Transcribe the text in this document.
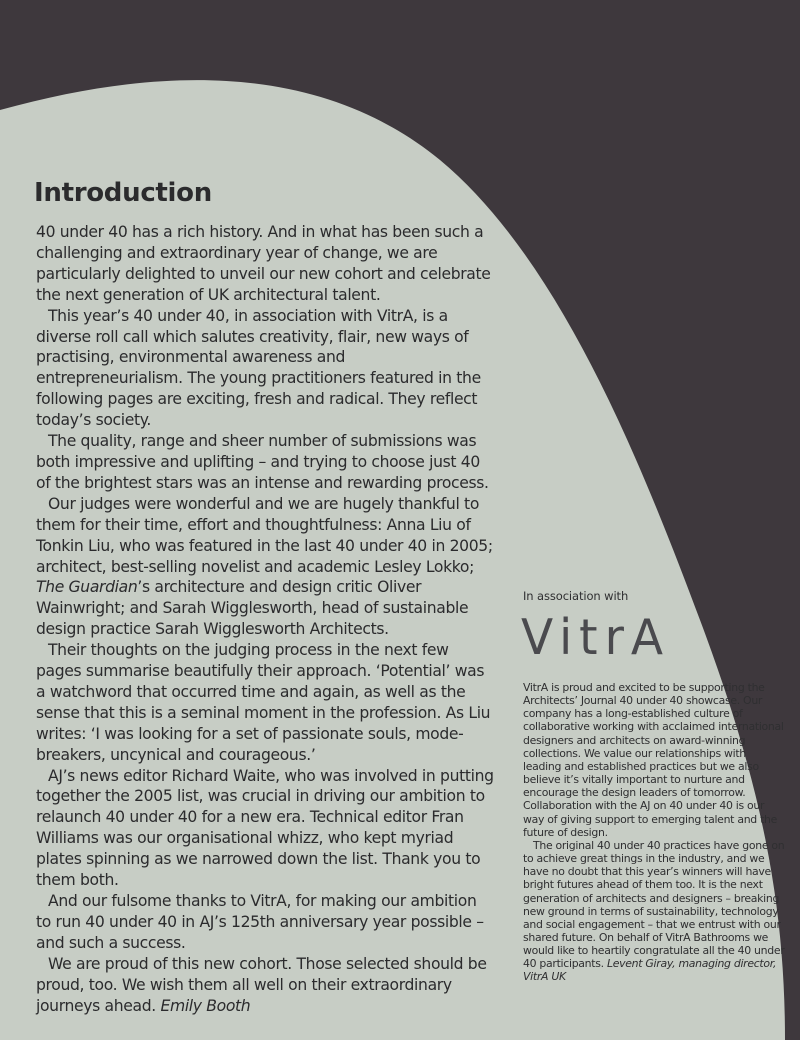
Introduction

40 under 40 has a rich history. And in what has been such a challenging and extraordinary year of change, we are particularly delighted to unveil our new cohort and celebrate the next generation of UK architectural talent.

This year’s 40 under 40, in association with VitrA, is a diverse roll call which salutes creativity, flair, new ways of practising, environmental awareness and entrepreneurialism. The young practitioners featured in the following pages are exciting, fresh and radical. They reflect today’s society.

The quality, range and sheer number of submissions was both impressive and uplifting – and trying to choose just 40 of the brightest stars was an intense and rewarding process.

Our judges were wonderful and we are hugely thankful to them for their time, effort and thoughtfulness: Anna Liu of Tonkin Liu, who was featured in the last 40 under 40 in 2005; architect, best-selling novelist and academic Lesley Lokko; The Guardian’s architecture and design critic Oliver Wainwright; and Sarah Wigglesworth, head of sustainable design practice Sarah Wigglesworth Architects.

Their thoughts on the judging process in the next few pages summarise beautifully their approach. ‘Potential’ was a watchword that occurred time and again, as well as the sense that this is a seminal moment in the profession. As Liu writes: ‘I was looking for a set of passionate souls, mode-breakers, uncynical and courageous.’

AJ’s news editor Richard Waite, who was involved in putting together the 2005 list, was crucial in driving our ambition to relaunch 40 under 40 for a new era. Technical editor Fran Williams was our organisational whizz, who kept myriad plates spinning as we narrowed down the list. Thank you to them both.

And our fulsome thanks to VitrA, for making our ambition to run 40 under 40 in AJ’s 125th anniversary year possible – and such a success.

We are proud of this new cohort. Those selected should be proud, too. We wish them all well on their extraordinary journeys ahead. Emily Booth

In association with
VitrA

VitrA is proud and excited to be supporting the Architects’ Journal 40 under 40 showcase. Our company has a long-established culture of collaborative working with acclaimed international designers and architects on award-winning collections. We value our relationships with leading and established practices but we also believe it’s vitally important to nurture and encourage the design leaders of tomorrow. Collaboration with the AJ on 40 under 40 is our way of giving support to emerging talent and the future of design.

The original 40 under 40 practices have gone on to achieve great things in the industry, and we have no doubt that this year’s winners will have bright futures ahead of them too. It is the next generation of architects and designers – breaking new ground in terms of sustainability, technology and social engagement – that we entrust with our shared future. On behalf of VitrA Bathrooms we would like to heartily congratulate all the 40 under 40 participants. Levent Giray, managing director, VitrA UK
